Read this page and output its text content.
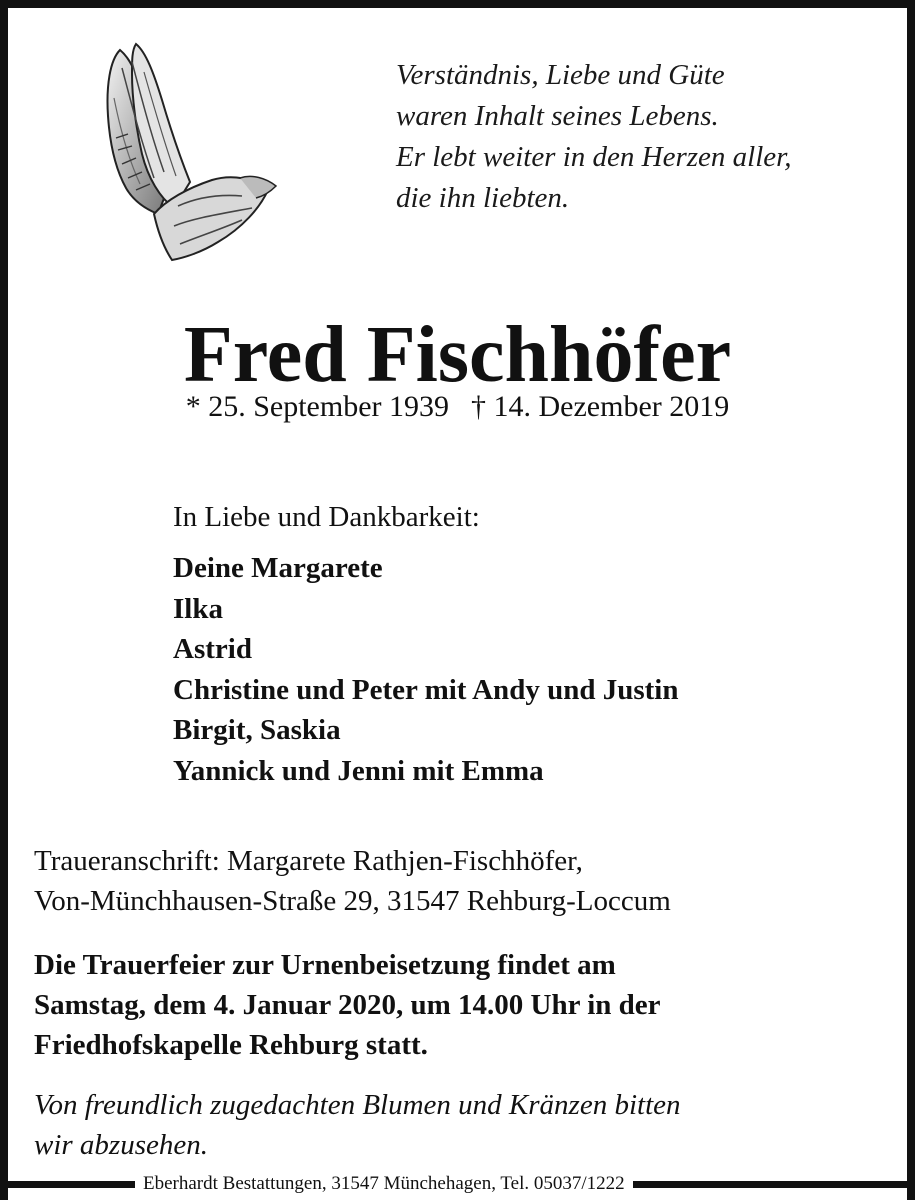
Verständnis, Liebe und Güte
waren Inhalt seines Lebens.
Er lebt weiter in den Herzen aller,
die ihn liebten.
Fred Fischhöfer
* 25. September 1939 † 14. Dezember 2019
In Liebe und Dankbarkeit:
Deine Margarete
Ilka
Astrid
Christine und Peter mit Andy und Justin
Birgit, Saskia
Yannick und Jenni mit Emma
Traueranschrift: Margarete Rathjen-Fischhöfer,
Von-Münchhausen-Straße 29, 31547 Rehburg-Loccum
Die Trauerfeier zur Urnenbeisetzung findet am
Samstag, dem 4. Januar 2020, um 14.00 Uhr in der
Friedhofskapelle Rehburg statt.
Von freundlich zugedachten Blumen und Kränzen bitten
wir abzusehen.
Eberhardt Bestattungen, 31547 Münchehagen, Tel. 05037/1222
